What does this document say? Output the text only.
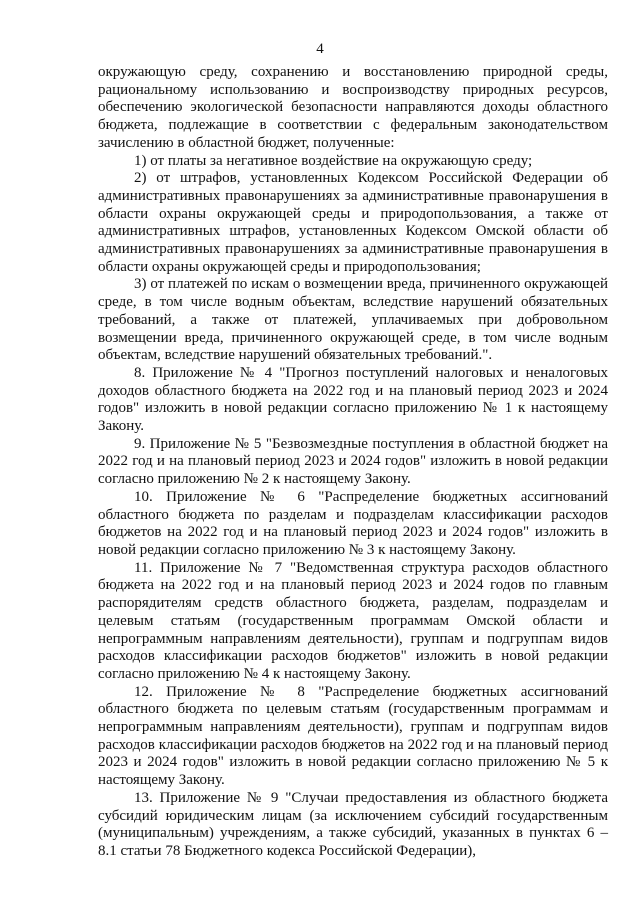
4

окружающую среду, сохранению и восстановлению природной среды, рациональному использованию и воспроизводству природных ресурсов, обеспечению экологической безопасности направляются доходы областного бюджета, подлежащие в соответствии с федеральным законодательством зачислению в областной бюджет, полученные:

1) от платы за негативное воздействие на окружающую среду;

2) от штрафов, установленных Кодексом Российской Федерации об административных правонарушениях за административные правонарушения в области охраны окружающей среды и природопользования, а также от административных штрафов, установленных Кодексом Омской области об административных правонарушениях за административные правонарушения в области охраны окружающей среды и природопользования;

3) от платежей по искам о возмещении вреда, причиненного окружающей среде, в том числе водным объектам, вследствие нарушений обязательных требований, а также от платежей, уплачиваемых при добровольном возмещении вреда, причиненного окружающей среде, в том числе водным объектам, вследствие нарушений обязательных требований.".

8. Приложение № 4 "Прогноз поступлений налоговых и неналоговых доходов областного бюджета на 2022 год и на плановый период 2023 и 2024 годов" изложить в новой редакции согласно приложению № 1 к настоящему Закону.

9. Приложение № 5 "Безвозмездные поступления в областной бюджет на 2022 год и на плановый период 2023 и 2024 годов" изложить в новой редакции согласно приложению № 2 к настоящему Закону.

10. Приложение № 6 "Распределение бюджетных ассигнований областного бюджета по разделам и подразделам классификации расходов бюджетов на 2022 год и на плановый период 2023 и 2024 годов" изложить в новой редакции согласно приложению № 3 к настоящему Закону.

11. Приложение № 7 "Ведомственная структура расходов областного бюджета на 2022 год и на плановый период 2023 и 2024 годов по главным распорядителям средств областного бюджета, разделам, подразделам и целевым статьям (государственным программам Омской области и непрограммным направлениям деятельности), группам и подгруппам видов расходов классификации расходов бюджетов" изложить в новой редакции согласно приложению № 4 к настоящему Закону.

12. Приложение № 8 "Распределение бюджетных ассигнований областного бюджета по целевым статьям (государственным программам и непрограммным направлениям деятельности), группам и подгруппам видов расходов классификации расходов бюджетов на 2022 год и на плановый период 2023 и 2024 годов" изложить в новой редакции согласно приложению № 5 к настоящему Закону.

13. Приложение № 9 "Случаи предоставления из областного бюджета субсидий юридическим лицам (за исключением субсидий государственным (муниципальным) учреждениям, а также субсидий, указанных в пунктах 6 – 8.1 статьи 78 Бюджетного кодекса Российской Федерации),
